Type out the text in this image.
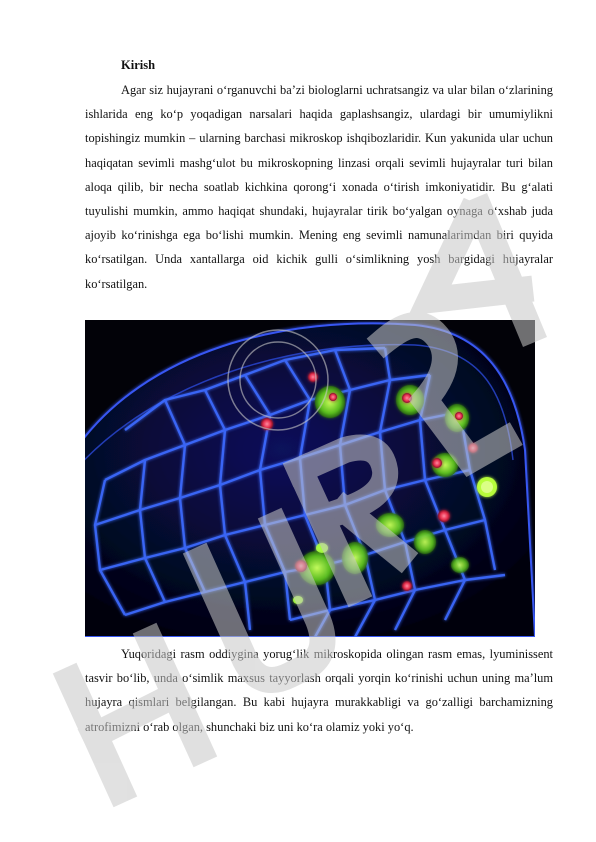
Kirish

Agar siz hujayrani o‘rganuvchi ba’zi biologlarni uchratsangiz va ular bilan o‘zlarining ishlarida eng ko‘p yoqadigan narsalari haqida gaplashsangiz, ulardagi bir umumiylikni topishingiz mumkin – ularning barchasi mikroskop ishqibozlaridir. Kun yakunida ular uchun haqiqatan sevimli mashg‘ulot bu mikroskopning linzasi orqali sevimli hujayralar turi bilan aloqa qilib, bir necha soatlab kichkina qorong‘i xonada o‘tirish imkoniyatidir. Bu g‘alati tuyulishi mumkin, ammo haqiqat shundaki, hujayralar tirik bo‘yalgan oynaga o‘xshab juda ajoyib ko‘rinishga ega bo‘lishi mumkin. Mening eng sevimli namunalarimdan biri quyida ko‘rsatilgan. Unda xantallarga oid kichik gulli o‘simlikning yosh bargidagi hujayralar ko‘rsatilgan.

Yuqoridagi rasm oddiygina yorug‘lik mikroskopida olingan rasm emas, lyuminissent tasvir bo‘lib, unda o‘simlik maxsus tayyorlash orqali yorqin ko‘rinishi uchun uning ma’lum hujayra qismlari belgilangan. Bu kabi hujayra murakkabligi va go‘zalligi barchamizning atrofimizni o‘rab olgan, shunchaki biz uni ko‘ra olamiz yoki yo‘q.
